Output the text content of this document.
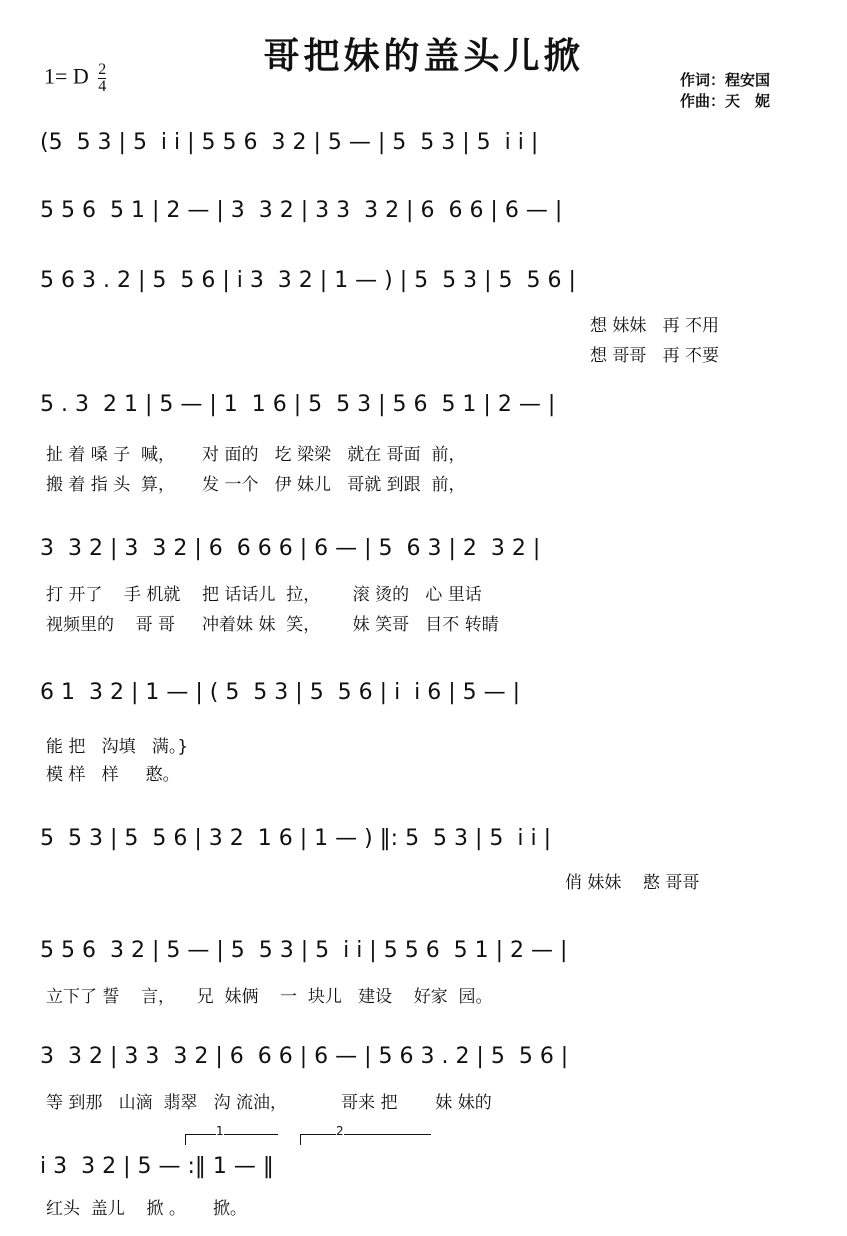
哥把妹的盖头儿掀
1= D $\frac{2}{4}$	作词：程安国
作曲：天　妮
(5  5 3 | 5  i i | 5 5 6  3 2 | 5 — | 5  5 3 | 5  i i |
5 5 6  5 1 | 2 — | 3  3 2 | 3 3  3 2 | 6  6 6 | 6 — |
5 6 3 . 2 | 5  5 6 | i 3  3 2 | 1 — ) | 5  5 3 | 5  5 6 |
想 妹妹   再 不用
想 哥哥   再 不要
5 . 3  2 1 | 5 — | 1  1 6 | 5  5 3 | 5 6  5 1 | 2 — |
扯 着 嗓 子  喊，     对 面的   圪 梁梁   就在 哥面  前，
搬 着 指 头  算，     发 一个   伊 妹儿   哥就 到跟  前，
3  3 2 | 3  3 2 | 6  6 6 6 | 6 — | 5  6 3 | 2  3 2 |
打 开了    手 机就    把 话话儿  拉，      滚 烫的   心 里话
视频里的    哥 哥     冲着妹 妹  笑，      妹 笑哥   目不 转睛
6 1  3 2 | 1 — | ( 5  5 3 | 5  5 6 | i  i 6 | 5 — |
能 把   沟填   满。}
模 样   样     憨。
5  5 3 | 5  5 6 | 3 2  1 6 | 1 — ) ‖: 5  5 3 | 5  i i |
俏 妹妹    憨 哥哥
5 5 6  3 2 | 5 — | 5  5 3 | 5  i i | 5 5 6  5 1 | 2 — |
立下了 誓    言，    兄  妹俩    一  块儿   建设    好家  园。
3  3 2 | 3 3  3 2 | 6  6 6 | 6 — | 5 6 3 . 2 | 5  5 6 |
等 到那   山滴  翡翠   沟 流油，          哥来 把       妹 妹的
1	2
i 3  3 2 | 5 — :‖ 1 — ‖
红头  盖儿    掀 。     掀。
